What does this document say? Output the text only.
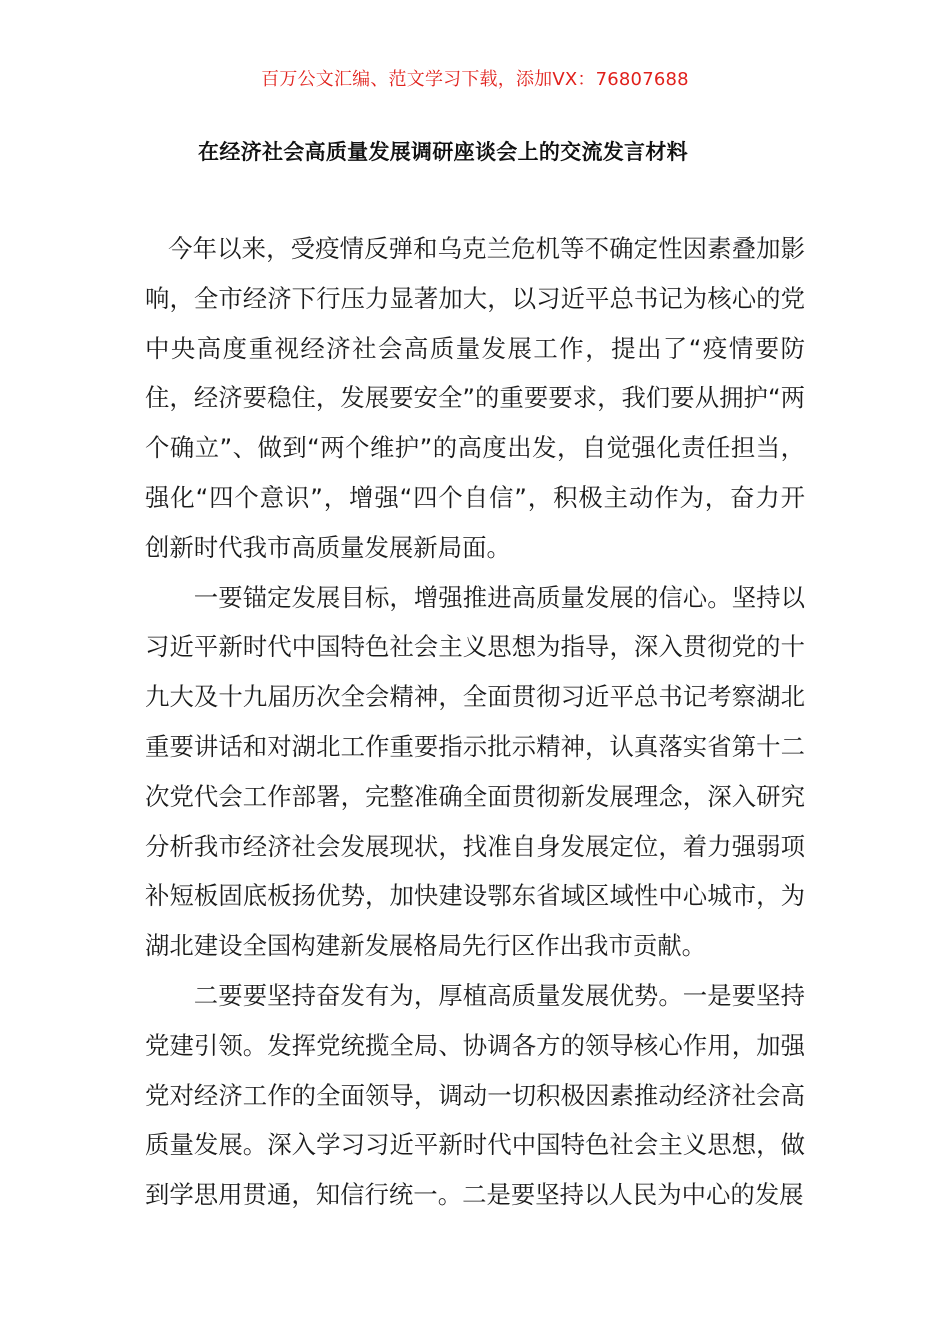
百万公文汇编、范文学习下载，添加VX：76807688
在经济社会高质量发展调研座谈会上的交流发言材料

今年以来，受疫情反弹和乌克兰危机等不确定性因素叠加影响，全市经济下行压力显著加大，以习近平总书记为核心的党中央高度重视经济社会高质量发展工作，提出了“疫情要防住，经济要稳住，发展要安全”的重要要求，我们要从拥护“两个确立”、做到“两个维护”的高度出发，自觉强化责任担当，强化“四个意识”，增强“四个自信”，积极主动作为，奋力开创新时代我市高质量发展新局面。

一要锚定发展目标，增强推进高质量发展的信心。坚持以习近平新时代中国特色社会主义思想为指导，深入贯彻党的十九大及十九届历次全会精神，全面贯彻习近平总书记考察湖北重要讲话和对湖北工作重要指示批示精神，认真落实省第十二次党代会工作部署，完整准确全面贯彻新发展理念，深入研究分析我市经济社会发展现状，找准自身发展定位，着力强弱项补短板固底板扬优势，加快建设鄂东省域区域性中心城市，为湖北建设全国构建新发展格局先行区作出我市贡献。

二要要坚持奋发有为，厚植高质量发展优势。一是要坚持党建引领。发挥党统揽全局、协调各方的领导核心作用，加强党对经济工作的全面领导，调动一切积极因素推动经济社会高质量发展。深入学习习近平新时代中国特色社会主义思想，做到学思用贯通，知信行统一。二是要坚持以人民为中心的发展
